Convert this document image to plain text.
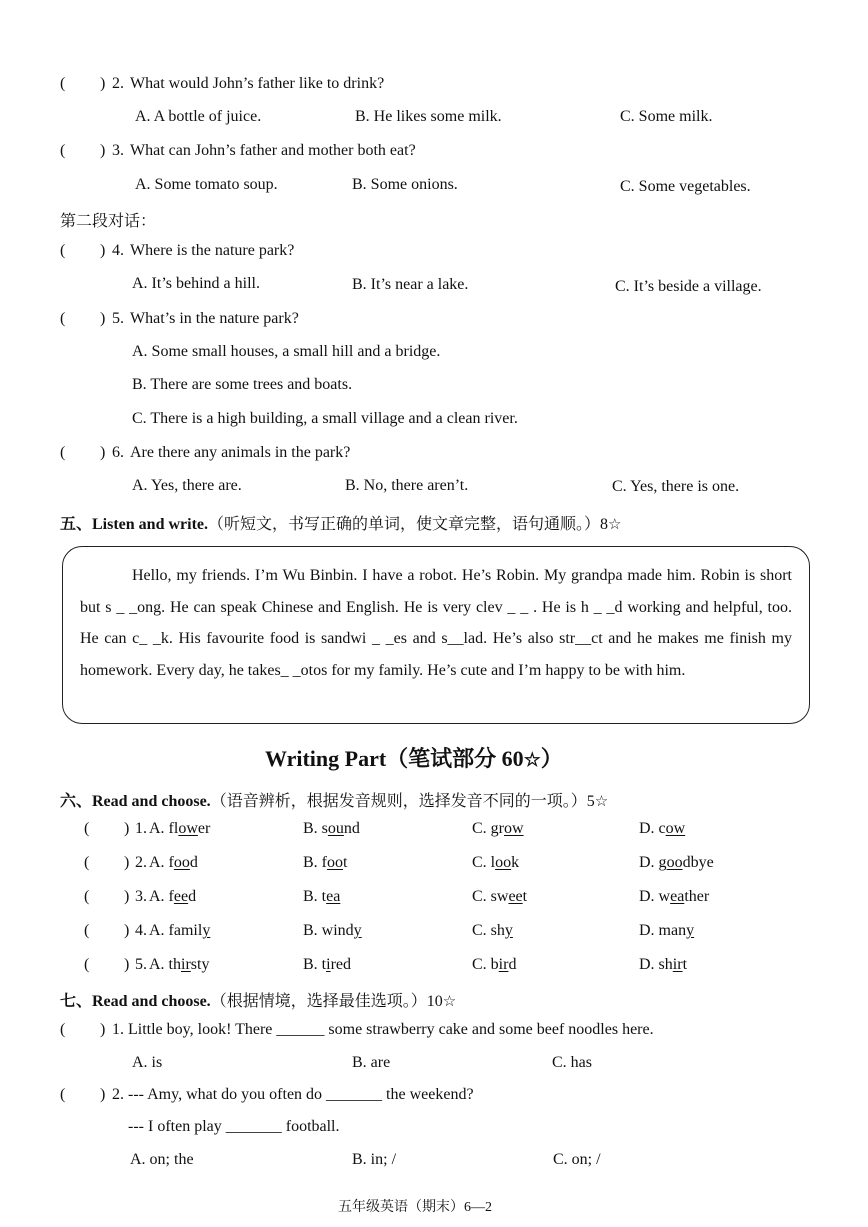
( ) 2. What would John’s father like to drink?
A. A bottle of juice.	B. He likes some milk.	C. Some milk.
( ) 3. What can John’s father and mother both eat?
A. Some tomato soup.	B. Some onions.	C. Some vegetables.
第二段对话：
( ) 4. Where is the nature park?
A. It’s behind a hill.	B. It’s near a lake.	C. It’s beside a village.
( ) 5. What’s in the nature park?
A. Some small houses, a small hill and a bridge.
B. There are some trees and boats.
C. There is a high building, a small village and a clean river.
( ) 6. Are there any animals in the park?
A. Yes, there are.	B. No, there aren’t.	C. Yes, there is one.
五、Listen and write.（听短文，书写正确的单词，使文章完整，语句通顺。）8☆

Hello, my friends. I’m Wu Binbin. I have a robot. He’s Robin. My grandpa made him. Robin is short but s _ _ong. He can speak Chinese and English. He is very clev _ _ . He is h _ _d working and helpful, too. He can c_ _k. His favourite food is sandwi _ _es and s__lad. He’s also str__ct and he makes me finish my homework. Every day, he takes_ _otos for my family. He’s cute and I’m happy to be with him.

Writing Part（笔试部分 60☆）
六、Read and choose.（语音辨析，根据发音规则，选择发音不同的一项。）5☆
( ) 1. A. flower	B. sound	C. grow	D. cow
( ) 2. A. food	B. foot	C. look	D. goodbye
( ) 3. A. feed	B. tea	C. sweet	D. weather
( ) 4. A. family	B. windy	C. shy	D. many
( ) 5. A. thirsty	B. tired	C. bird	D. shirt
七、Read and choose.（根据情境，选择最佳选项。）10☆
( ) 1. Little boy, look! There ______ some strawberry cake and some beef noodles here.
A. is	B. are	C. has
( ) 2. --- Amy, what do you often do _______ the weekend?
--- I often play _______ football.
A. on; the	B. in; /	C. on; /
五年级英语（期末）6—2
